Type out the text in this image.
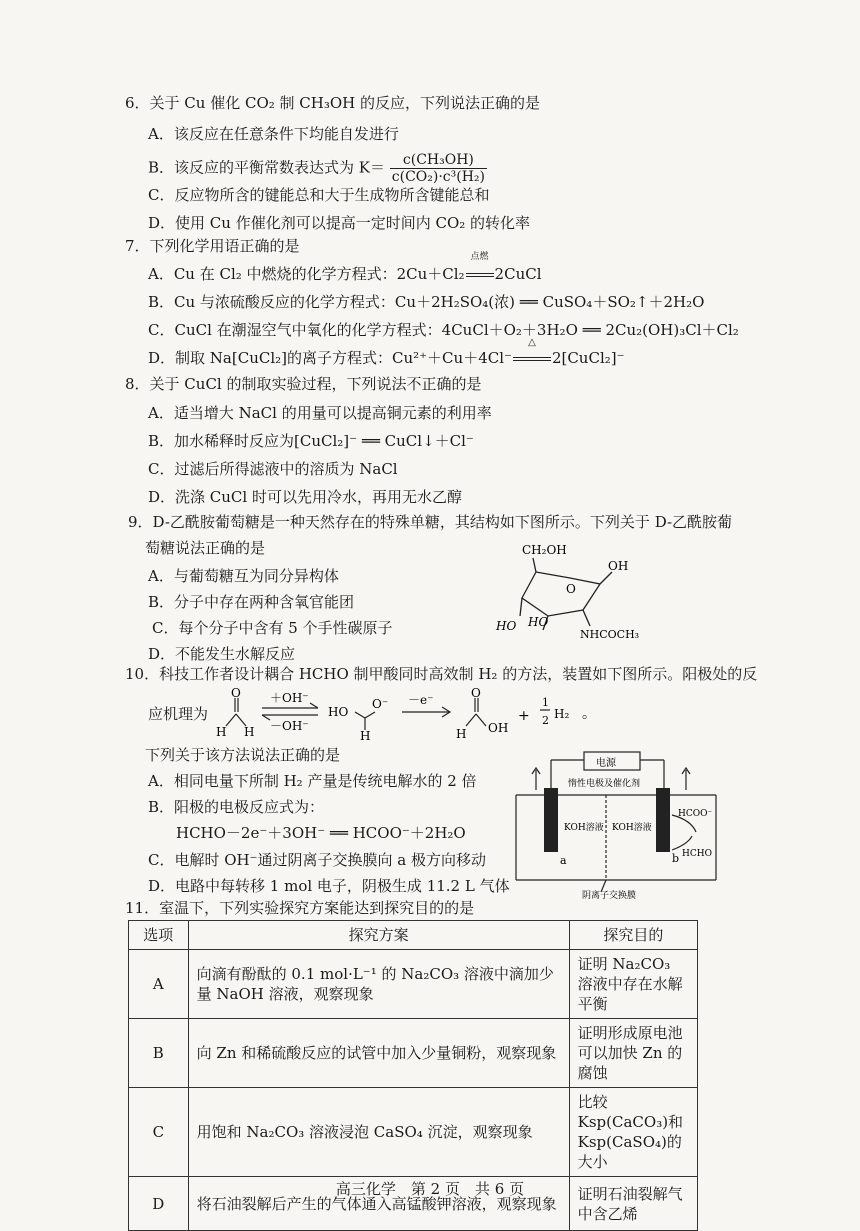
6．关于 Cu 催化 CO₂ 制 CH₃OH 的反应，下列说法正确的是
A．该反应在任意条件下均能自发进行
B．该反应的平衡常数表达式为 $K= \frac{\text{c(CH₃OH)}}{\text{c(CO₂)·c³(H₂)}}$
C．反应物所含的键能总和大于生成物所含键能总和
D．使用 Cu 作催化剂可以提高一定时间内 CO₂ 的转化率
7．下列化学用语正确的是
A．Cu 在 Cl₂ 中燃烧的化学方程式：2Cu＋Cl₂
点燃
2CuCl
B．Cu 与浓硫酸反应的化学方程式：Cu＋2H₂SO₄(浓) ══ CuSO₄＋SO₂↑＋2H₂O
C．CuCl 在潮湿空气中氧化的化学方程式：4CuCl＋O₂＋3H₂O ══ 2Cu₂(OH)₃Cl＋Cl₂
D．制取 Na[CuCl₂]的离子方程式：Cu²⁺＋Cu＋4Cl⁻
△
2[CuCl₂]⁻
8．关于 CuCl 的制取实验过程，下列说法不正确的是
A．适当增大 NaCl 的用量可以提高铜元素的利用率
B．加水稀释时反应为[CuCl₂]⁻ ══ CuCl↓＋Cl⁻
C．过滤后所得滤液中的溶质为 NaCl
D．洗涤 CuCl 时可以先用冷水，再用无水乙醇
9．D-乙酰胺葡萄糖是一种天然存在的特殊单糖，其结构如下图所示。下列关于 D-乙酰胺葡
萄糖说法正确的是
A．与葡萄糖互为同分异构体
B．分子中存在两种含氧官能团
C．每个分子中含有 5 个手性碳原子
D．不能发生水解反应
CH₂OH
OH
O
HO HO
NHCOCH₃
10．科技工作者设计耦合 HCHO 制甲酸同时高效制 H₂ 的方法，装置如下图所示。阳极处的反
应机理为
O
H H
＋OH⁻
－OH⁻
HO
O⁻
H
－e⁻	O
H OH
+
1
2 H₂ 。
下列关于该方法说法正确的是
A．相同电量下所制 H₂ 产量是传统电解水的 2 倍
B．阳极的电极反应式为：
HCHO－2e⁻＋3OH⁻ ══ HCOO⁻＋2H₂O
C．电解时 OH⁻通过阴离子交换膜向 a 极方向移动
D．电路中每转移 1 mol 电子，阴极生成 11.2 L 气体
电源
惰性电极及催化剂
KOH溶液 KOH溶液
a	b
HCOO⁻
HCHO
阴离子交换膜
11．室温下，下列实验探究方案能达到探究目的的是
选项	探究方案	探究目的
A	向滴有酚酞的 0.1 mol·L⁻¹ 的 Na₂CO₃ 溶液中滴加少量 NaOH 溶液，观察现象	证明 Na₂CO₃ 溶液中存在水解平衡
B	向 Zn 和稀硫酸反应的试管中加入少量铜粉，观察现象	证明形成原电池可以加快 Zn 的腐蚀
C	用饱和 Na₂CO₃ 溶液浸泡 CaSO₄ 沉淀，观察现象	比较 Ksp(CaCO₃)和 Ksp(CaSO₄)的大小
D	将石油裂解后产生的气体通入高锰酸钾溶液，观察现象	证明石油裂解气中含乙烯
高三化学　第 2 页　共 6 页
